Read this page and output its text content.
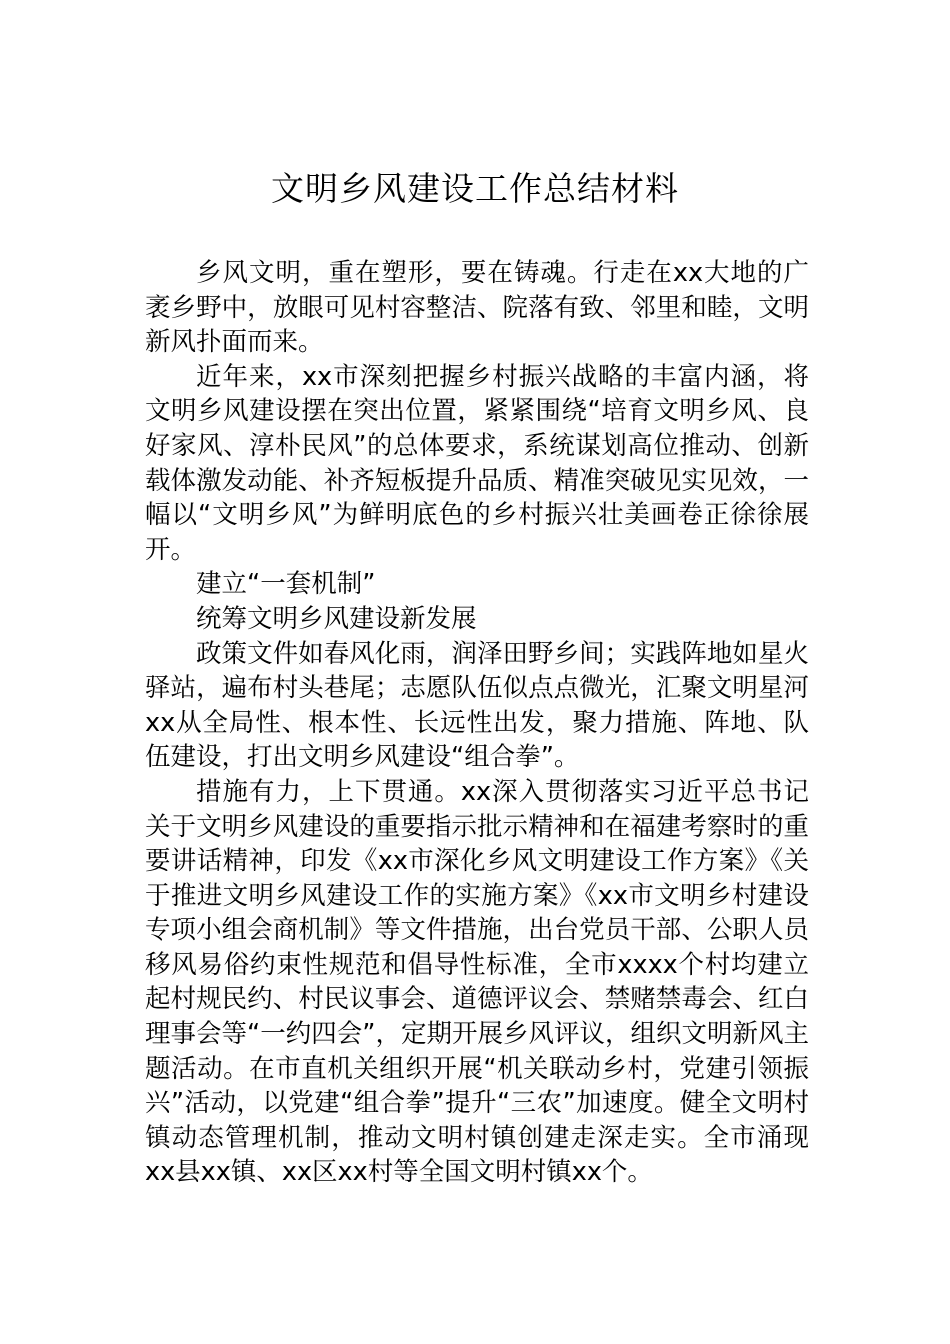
文明乡风建设工作总结材料

乡风文明，重在塑形，要在铸魂。行走在xx大地的广袤乡野中，放眼可见村容整洁、院落有致、邻里和睦，文明新风扑面而来。

近年来，xx市深刻把握乡村振兴战略的丰富内涵，将文明乡风建设摆在突出位置，紧紧围绕“培育文明乡风、良好家风、淳朴民风”的总体要求，系统谋划高位推动、创新载体激发动能、补齐短板提升品质、精准突破见实见效，一幅以“文明乡风”为鲜明底色的乡村振兴壮美画卷正徐徐展开。

建立“一套机制”

统筹文明乡风建设新发展

政策文件如春风化雨，润泽田野乡间；实践阵地如星火驿站，遍布村头巷尾；志愿队伍似点点微光，汇聚文明星河xx从全局性、根本性、长远性出发，聚力措施、阵地、队伍建设，打出文明乡风建设“组合拳”。

措施有力，上下贯通。xx深入贯彻落实习近平总书记关于文明乡风建设的重要指示批示精神和在福建考察时的重要讲话精神，印发《xx市深化乡风文明建设工作方案》《关于推进文明乡风建设工作的实施方案》《xx市文明乡村建设专项小组会商机制》等文件措施，出台党员干部、公职人员移风易俗约束性规范和倡导性标准，全市xxxx个村均建立起村规民约、村民议事会、道德评议会、禁赌禁毒会、红白理事会等“一约四会”，定期开展乡风评议，组织文明新风主题活动。在市直机关组织开展“机关联动乡村，党建引领振兴”活动，以党建“组合拳”提升“三农”加速度。健全文明村镇动态管理机制，推动文明村镇创建走深走实。全市涌现xx县xx镇、xx区xx村等全国文明村镇xx个。
